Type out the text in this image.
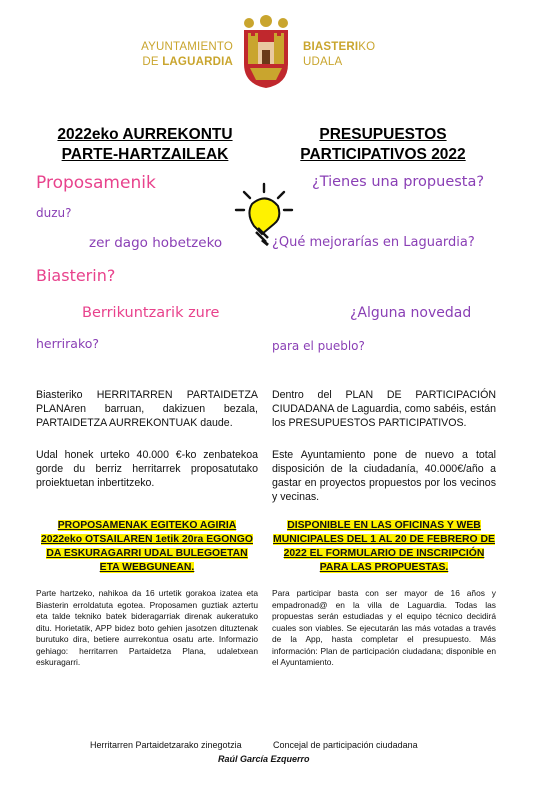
AYUNTAMIENTO
DE LAGUARDIA
BIASTERIKO
UDALA
2022eko AURREKONTU
PARTE-HARTZAILEAK
PRESUPUESTOS
PARTICIPATIVOS 2022
Proposamenik
duzu?
zer dago hobetzeko
Biasterin?
Berrikuntzarik zure
herrirako?
¿Tienes una propuesta?
¿Qué mejorarías en Laguardia?
¿Alguna novedad
para el pueblo?
Biasteriko HERRITARREN PARTAIDETZA PLANAren barruan, dakizuen bezala, PARTAIDETZA AURREKONTUAK daude.
Udal honek urteko 40.000 €-ko zenbatekoa gorde du berriz herritarrek proposatutako proiektuetan inbertitzeko.
Dentro del PLAN DE PARTICIPACIÓN CIUDADANA de Laguardia, como sabéis, están los PRESUPUESTOS PARTICIPATIVOS.
Este Ayuntamiento pone de nuevo a total disposición de la ciudadanía, 40.000€/año a gastar en proyectos propuestos por los vecinos y vecinas.
PROPOSAMENAK EGITEKO AGIRIA 2022eko OTSAILAREN 1etik 20ra EGONGO DA ESKURAGARRI UDAL BULEGOETAN ETA WEBGUNEAN.
DISPONIBLE EN LAS OFICINAS Y WEB MUNICIPALES DEL 1 AL 20 DE FEBRERO DE 2022 EL FORMULARIO DE INSCRIPCIÓN PARA LAS PROPUESTAS.
Parte hartzeko, nahikoa da 16 urtetik gorakoa izatea eta Biasterin erroldatuta egotea. Proposamen guztiak aztertu eta talde tekniko batek bideragarriak direnak aukeratuko ditu. Horietatik, APP bidez boto gehien jasotzen dituztenak burutuko dira, betiere aurrekontua osatu arte. Informazio gehiago: herritarren Partaidetza Plana, udaletxean eskuragarri.
Para participar basta con ser mayor de 16 años y empadronad@ en la villa de Laguardia. Todas las propuestas serán estudiadas y el equipo técnico decidirá cuales son viables. Se ejecutarán las más votadas a través de la App, hasta completar el presupuesto. Más información: Plan de participación ciudadana; disponible en el Ayuntamiento.
Herritarren Partaidetzarako zinegotzia	Concejal de participación ciudadana
Raúl García Ezquerro
